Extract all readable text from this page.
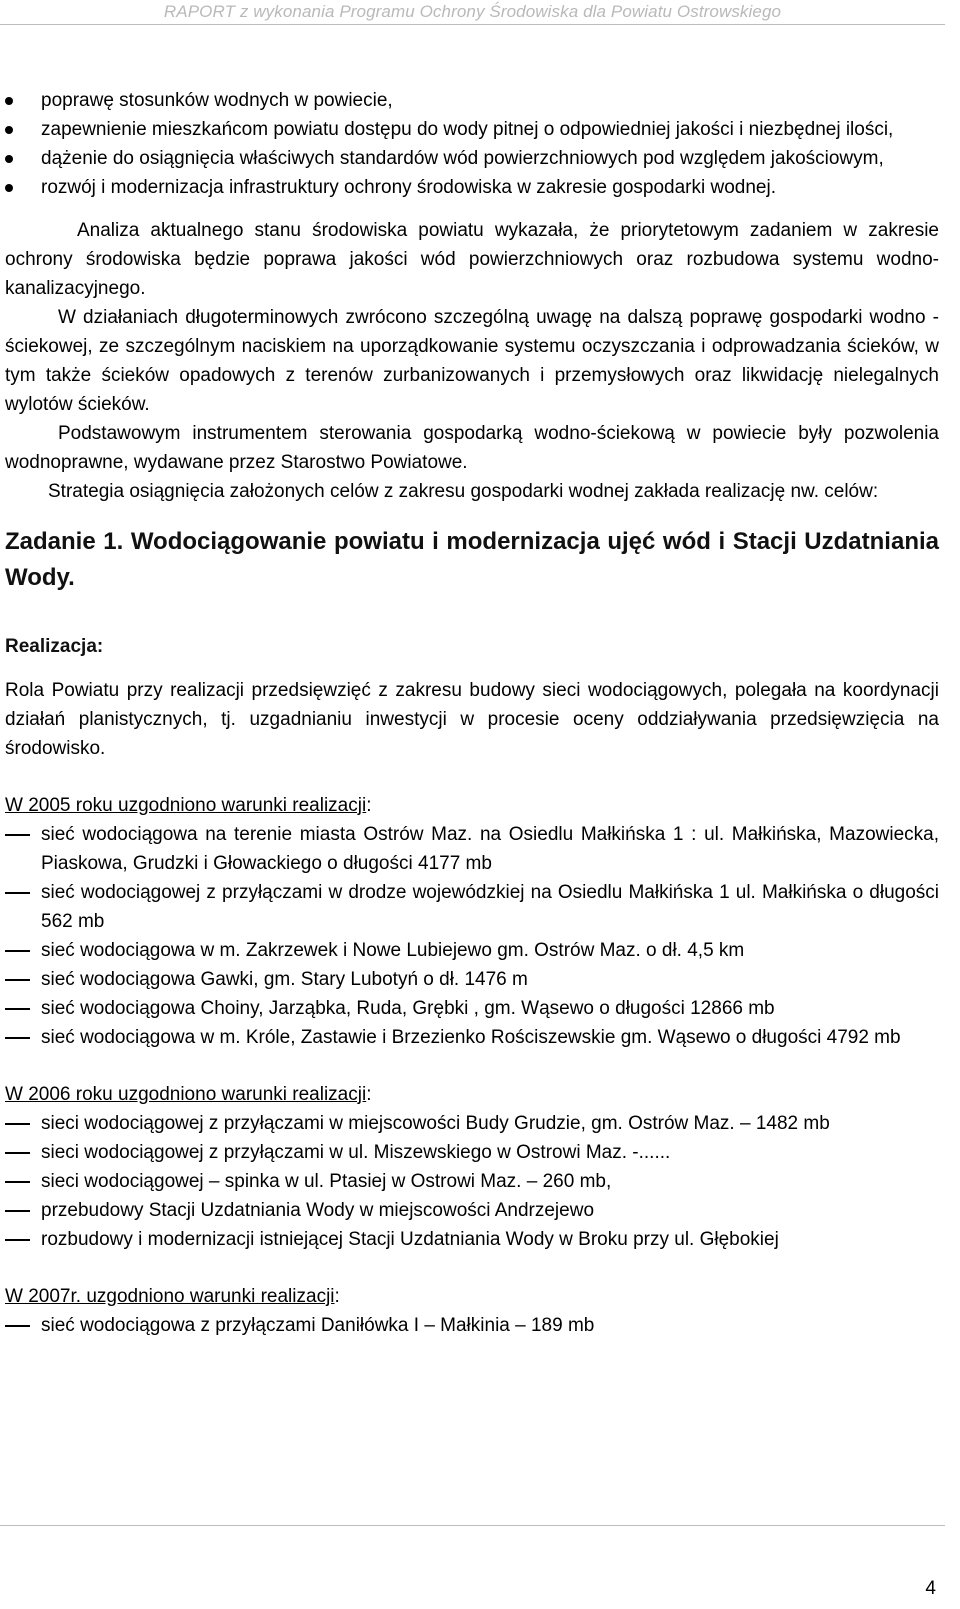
RAPORT z wykonania Programu Ochrony Środowiska dla Powiatu Ostrowskiego
poprawę stosunków wodnych w powiecie,
zapewnienie mieszkańcom powiatu dostępu do wody pitnej o odpowiedniej jakości i niezbędnej ilości,
dążenie do osiągnięcia właściwych standardów wód powierzchniowych pod względem jakościowym,
rozwój i modernizacja infrastruktury ochrony środowiska w zakresie gospodarki wodnej.

Analiza aktualnego stanu środowiska powiatu wykazała, że priorytetowym zadaniem w zakresie ochrony środowiska będzie poprawa jakości wód powierzchniowych oraz rozbudowa systemu wodno-kanalizacyjnego.

W działaniach długoterminowych zwrócono szczególną uwagę na dalszą poprawę gospodarki wodno - ściekowej, ze szczególnym naciskiem na uporządkowanie systemu oczyszczania i odprowadzania ścieków, w tym także ścieków opadowych z terenów zurbanizowanych i przemysłowych oraz likwidację nielegalnych wylotów ścieków.

Podstawowym instrumentem sterowania gospodarką wodno-ściekową w powiecie były pozwolenia wodnoprawne, wydawane przez Starostwo Powiatowe.

Strategia osiągnięcia założonych celów z zakresu gospodarki wodnej zakłada realizację nw. celów:

Zadanie 1. Wodociągowanie powiatu i modernizacja ujęć wód i Stacji Uzdatniania Wody.
Realizacja:

Rola Powiatu przy realizacji przedsięwzięć z zakresu budowy sieci wodociągowych, polegała na koordynacji działań planistycznych, tj. uzgadnianiu inwestycji w procesie oceny oddziaływania przedsięwzięcia na środowisko.

W 2005 roku uzgodniono warunki realizacji:
sieć wodociągowa na terenie miasta Ostrów Maz. na Osiedlu Małkińska 1 : ul. Małkińska, Mazowiecka, Piaskowa, Grudzki i Głowackiego o długości 4177 mb
sieć wodociągowej z przyłączami w drodze wojewódzkiej na Osiedlu Małkińska 1 ul. Małkińska o długości 562 mb
sieć wodociągowa w m. Zakrzewek i Nowe Lubiejewo gm. Ostrów Maz. o dł. 4,5 km
sieć wodociągowa Gawki, gm. Stary Lubotyń o dł. 1476 m
sieć wodociągowa Choiny, Jarząbka, Ruda, Grębki , gm. Wąsewo o długości 12866 mb
sieć wodociągowa w m. Króle, Zastawie i Brzezienko Rościszewskie gm. Wąsewo o długości 4792 mb
W 2006 roku uzgodniono warunki realizacji:
sieci wodociągowej z przyłączami w miejscowości Budy Grudzie, gm. Ostrów Maz. – 1482 mb
sieci wodociągowej z przyłączami w ul. Miszewskiego w Ostrowi Maz. -......
sieci wodociągowej – spinka w ul. Ptasiej w Ostrowi Maz. – 260 mb,
przebudowy Stacji Uzdatniania Wody w miejscowości Andrzejewo
rozbudowy i modernizacji istniejącej Stacji Uzdatniania Wody w Broku przy ul. Głębokiej
W 2007r. uzgodniono warunki realizacji:
sieć wodociągowa z przyłączami Daniłówka I – Małkinia – 189 mb
4
